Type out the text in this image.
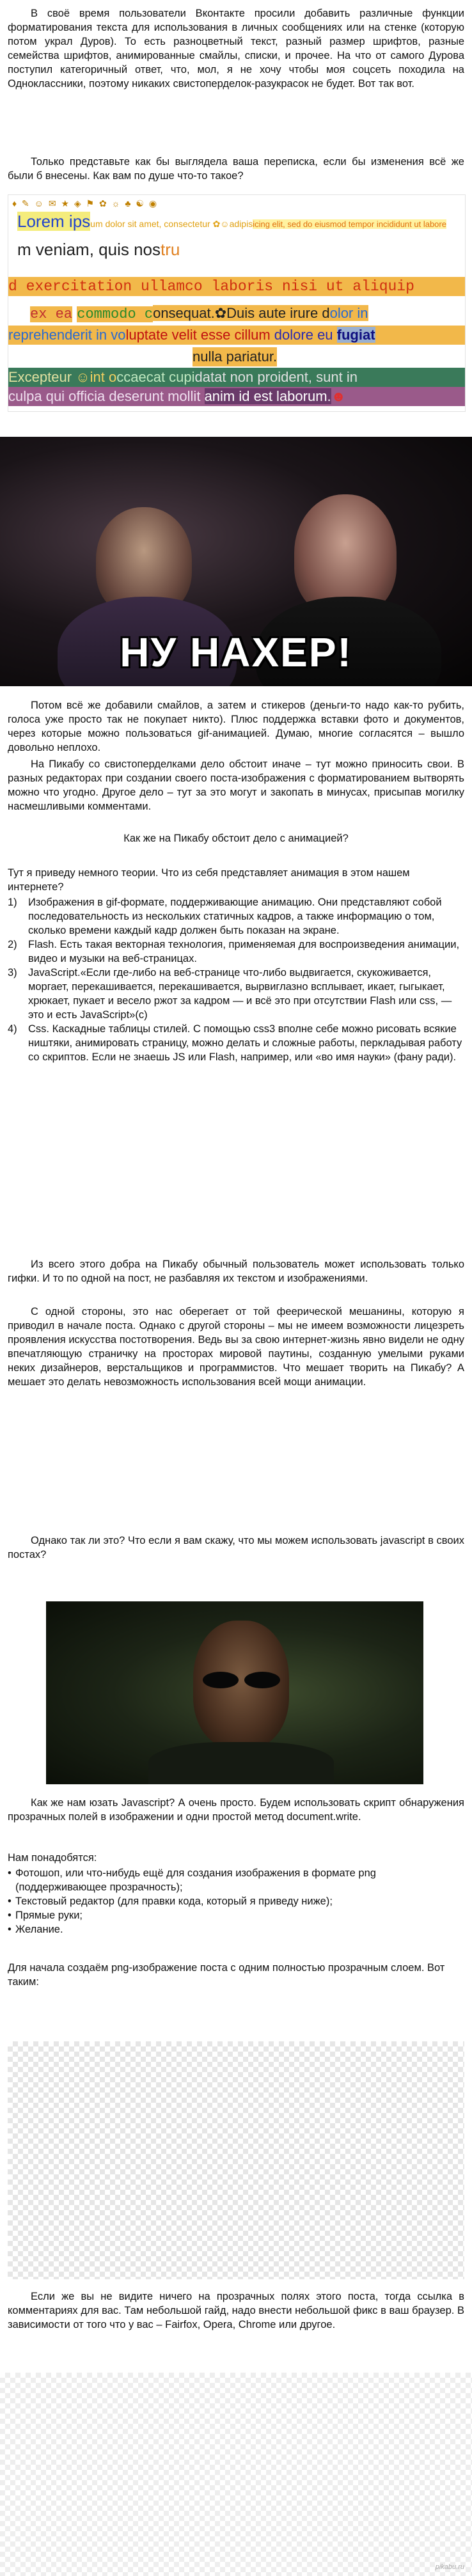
В своё время пользователи Вконтакте просили добавить различные функции форматирования текста для использования в личных сообщениях или на стенке (которую потом украл Дуров). То есть разноцветный текст, разный размер шрифтов, разные семейства шрифтов, анимированные смайлы, списки, и прочее. На что от самого Дурова поступил категоричный ответ, что, мол, я не хочу чтобы моя соцсеть походила на Одноклассники, поэтому никаких свистоперделок-разукрасок не будет. Вот так вот.

Только представьте как бы выглядела ваша переписка, если бы изменения всё же были б внесены. Как вам по душе что-то такое?

♦ ✎ ☺ ✉ ★ ◈ ⚑ ✿ ☼ ♣ ☯ ◉
Lorem ipsum dolor sit amet, consectetur ✿☺adipisicing elit, sed do eiusmod tempor incididunt ut labore
m veniam, quis nostru
d exercitation ullamco laboris nisi ut aliquip
ex ea commodo consequat.✿Duis aute irure dolor in
reprehenderit in voluptate velit esse cillum dolore eu fugiat
nulla pariatur.
Excepteur ☺int occaecat cupidatat non proident, sunt in
culpa qui officia deserunt mollit anim id est laborum.☻
НУ НАХЕР!

Потом всё же добавили смайлов, а затем и стикеров (деньги-то надо как-то рубить, голоса уже просто так не покупает никто). Плюс поддержка вставки фото и документов, через которые можно пользоваться gif-анимацией. Думаю, многие согласятся – вышло довольно неплохо.

На Пикабу со свистоперделками дело обстоит иначе – тут можно приносить свои. В разных редакторах при создании своего поста-изображения с форматированием вытворять можно что угодно. Другое дело – тут за это могут и закопать в минусах, присыпав могилку насмешливыми комментами.

Как же на Пикабу обстоит дело с анимацией?

Тут я приведу немного теории. Что из себя представляет анимация в этом нашем интернете?

1) Изображения в gif-формате, поддерживающие анимацию. Они представляют собой последовательность из нескольких статичных кадров, а также информацию о том, сколько времени каждый кадр должен быть показан на экране.
2) Flash. Есть такая векторная технология, применяемая для воспроизведения анимации, видео и музыки на веб-страницах.
3) JavaScript.«Если где-либо на веб-странице что-либо выдвигается, скукоживается, моргает, перекашивается, перекашивается, вырвиглазно всплывает, икает, гыгыкает, хрюкает, пукает и весело ржот за кадром — и всё это при отсутствии Flash или css, — это и есть JavaScript»(с)
4) Css. Каскадные таблицы стилей. С помощью css3 вполне себе можно рисовать всякие ништяки, анимировать страницу, можно делать и сложные работы, перкладывая работу со скриптов. Если не знаешь JS или Flash, например, или «во имя науки» (фану ради).

Из всего этого добра на Пикабу обычный пользователь может использовать только гифки. И то по одной на пост, не разбавляя их текстом и изображениями.

С одной стороны, это нас оберегает от той феерической мешанины, которую я приводил в начале поста. Однако с другой стороны – мы не имеем возможности лицезреть проявления искусства постотворения. Ведь вы за свою интернет-жизнь явно видели не одну впечатляющую страничку на просторах мировой паутины, созданную умелыми руками неких дизайнеров, верстальщиков и программистов. Что мешает творить на Пикабу? А мешает это делать невозможность использования всей мощи анимации.

Однако так ли это? Что если я вам скажу, что мы можем использовать javascript в своих постах?

Как же нам юзать Javascript? А очень просто. Будем использовать скрипт обнаружения прозрачных полей в изображении и одни простой метод document.write.

Нам понадобятся:

• Фотошоп, или что-нибудь ещё для создания изображения в формате png (поддерживающее прозрачность);
• Текстовый редактор (для правки кода, который я приведу ниже);
• Прямые руки;
• Желание.

Для начала создаём png-изображение поста с одним полностью прозрачным слоем. Вот таким:

Если же вы не видите ничего на прозрачных полях этого поста, тогда ссылка в комментариях для вас. Там небольшой гайд, надо внести небольшой фикс в ваш браузер. В зависимости от того что у вас – Fairfox, Opera, Chrome или другое.

pikabu.ru
